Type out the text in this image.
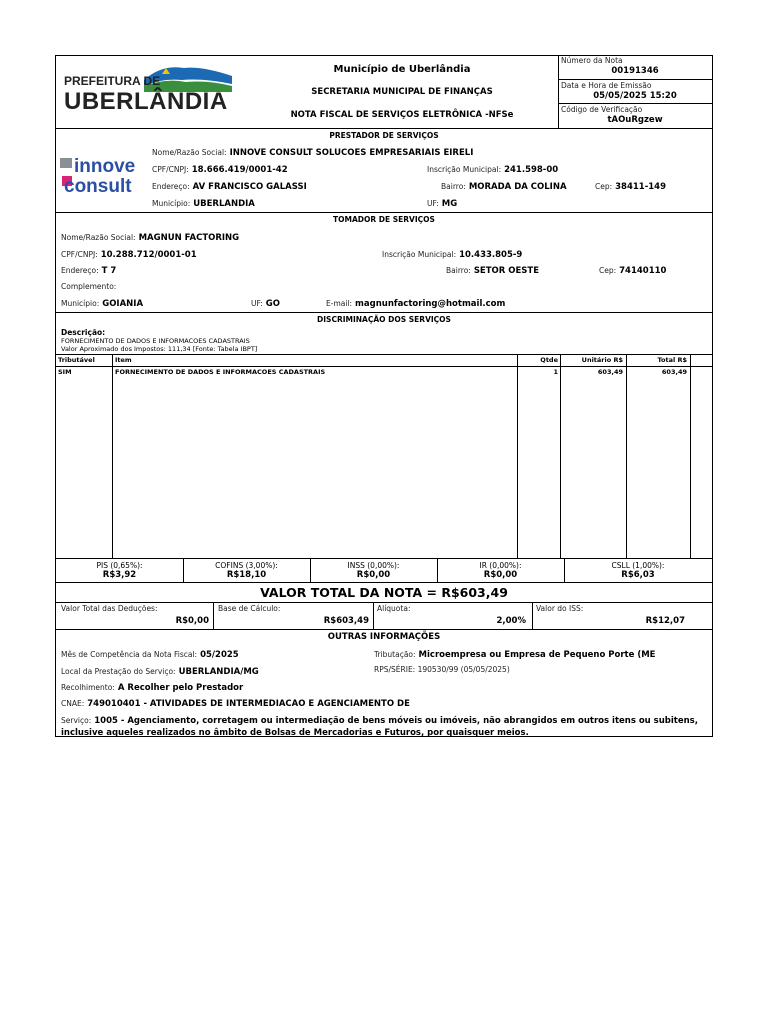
PREFEITURA DE
UBERLÂNDIA
Município de Uberlândia
SECRETARIA MUNICIPAL DE FINANÇAS
NOTA FISCAL DE SERVIÇOS ELETRÔNICA -NFSe
Número da Nota
00191346
Data e Hora de Emissão
05/05/2025 15:20
Código de Verificação
tAOuRgzew
PRESTADOR DE SERVIÇOS
innove
consult
Nome/Razão Social: INNOVE CONSULT SOLUCOES EMPRESARIAIS EIRELI
CPF/CNPJ: 18.666.419/0001-42	Inscrição Municipal: 241.598-00
Endereço: AV FRANCISCO GALASSI	Bairro: MORADA DA COLINA	Cep: 38411-149
Município: UBERLANDIA	UF: MG
TOMADOR DE SERVIÇOS
Nome/Razão Social: MAGNUN FACTORING
CPF/CNPJ: 10.288.712/0001-01	Inscrição Municipal: 10.433.805-9
Endereço: T 7	Bairro: SETOR OESTE	Cep: 74140110
Complemento:
Município: GOIANIA	UF: GO	E-mail: magnunfactoring@hotmail.com
DISCRIMINAÇÃO DOS SERVIÇOS
Descrição:
FORNECIMENTO DE DADOS E INFORMACOES CADASTRAIS
Valor Aproximado dos Impostos: 111,34 [Fonte: Tabela IBPT]
Tributável	Item	Qtde	Unitário R$	Total R$
SIM	FORNECIMENTO DE DADOS E INFORMACOES CADASTRAIS	1	603,49	603,49
PIS (0,65%):
R$3,92
COFINS (3,00%):
R$18,10
INSS (0,00%):
R$0,00
IR (0,00%):
R$0,00
CSLL (1,00%):
R$6,03
VALOR TOTAL DA NOTA = R$603,49
Valor Total das Deduções:
R$0,00
Base de Cálculo:
R$603,49
Alíquota:
2,00%
Valor do ISS:
R$12,07
OUTRAS INFORMAÇÕES
Mês de Competência da Nota Fiscal: 05/2025	Tributação: Microempresa ou Empresa de Pequeno Porte (ME
Local da Prestação do Serviço: UBERLANDIA/MG	RPS/SÉRIE: 190530/99 (05/05/2025)
Recolhimento: A Recolher pelo Prestador
CNAE: 749010401 - ATIVIDADES DE INTERMEDIACAO E AGENCIAMENTO DE
Serviço: 1005 - Agenciamento, corretagem ou intermediação de bens móveis ou imóveis, não abrangidos em outros itens ou subitens, inclusive aqueles realizados no âmbito de Bolsas de Mercadorias e Futuros, por quaisquer meios.
